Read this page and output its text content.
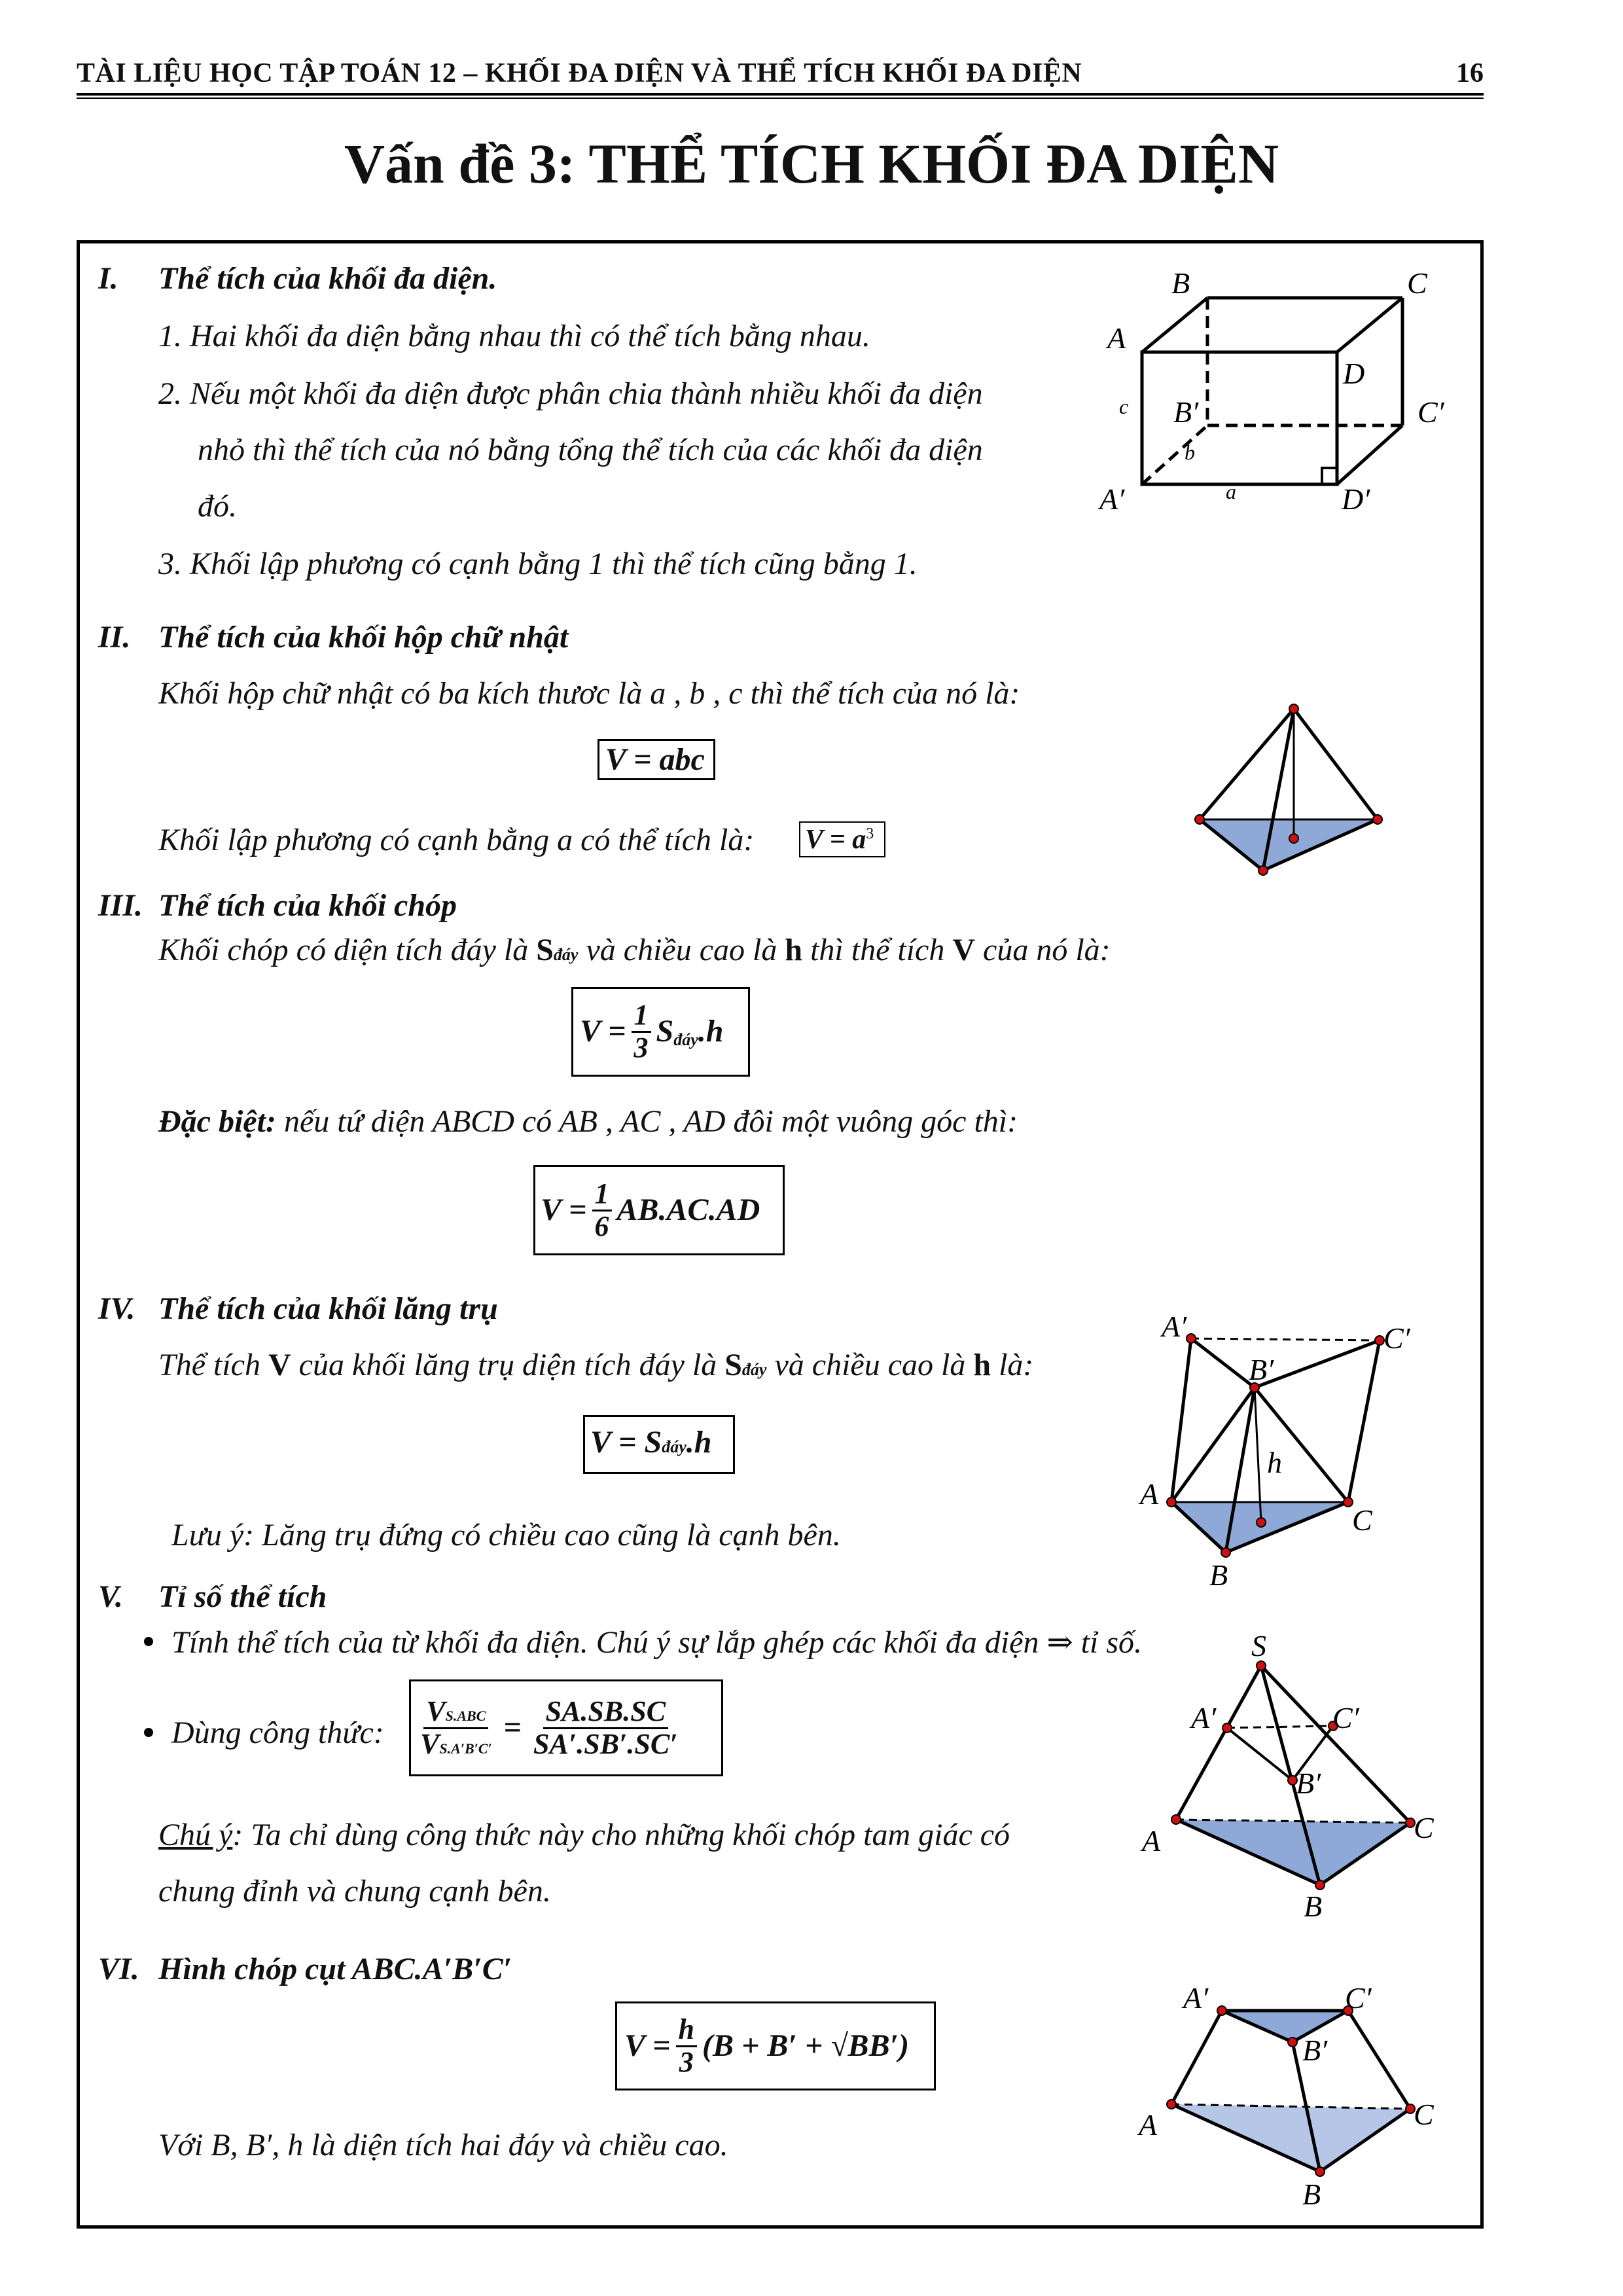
TÀI LIỆU HỌC TẬP TOÁN 12 – KHỐI ĐA DIỆN VÀ THỂ TÍCH KHỐI ĐA DIỆN	16
Vấn đề 3: THỂ TÍCH KHỐI ĐA DIỆN
I. Thể tích của khối đa diện.
1. Hai khối đa diện bằng nhau thì có thể tích bằng nhau.
2. Nếu một khối đa diện được phân chia thành nhiều khối đa diện
nhỏ thì thể tích của nó bằng tổng thể tích của các khối đa diện
đó.
3. Khối lập phương có cạnh bằng 1 thì thể tích cũng bằng 1.
II. Thể tích của khối hộp chữ nhật
Khối hộp chữ nhật có ba kích thươc là a , b , c thì thể tích của nó là:
V = abc
Khối lập phương có cạnh bằng a có thể tích là: $V = a^3$
III. Thể tích của khối chóp
Khối chóp có diện tích đáy là Sđáy và chiều cao là h thì thể tích V của nó là:
$V = \frac{1}{3}$ S đáy .h
Đặc biệt: nếu tứ diện ABCD có AB , AC , AD đôi một vuông góc thì:
$V = \frac{1}{6} AB.AC.AD$
IV. Thể tích của khối lăng trụ
Thể tích V của khối lăng trụ diện tích đáy là Sđáy và chiều cao là h là:
V = Sđáy.h
Lưu ý: Lăng trụ đứng có chiều cao cũng là cạnh bên.
V. Tỉ số thể tích
Tính thể tích của từ khối đa diện. Chú ý sự lắp ghép các khối đa diện ⇒ tỉ số.
Dùng công thức: $\frac{\text{VS.ABC}}{VS.A'B'C'} = \frac{SA.SB.SC}{SA'.SB'.SC'}$
Chú ý: Ta chỉ dùng công thức này cho những khối chóp tam giác có
chung đỉnh và chung cạnh bên.
VI. Hình chóp cụt ABC.A′B′C′
$V = \frac{h}{3} (B + B' + √BB')$
Với B, B′, h là diện tích hai đáy và chiều cao.
B	C
A
D
B′	C′
A′	D′
a
b
c
A′	C′
B′
h
A
C
B
S
A′	C′
B′
A	C
B
A′	C′
B′
A	C
B
